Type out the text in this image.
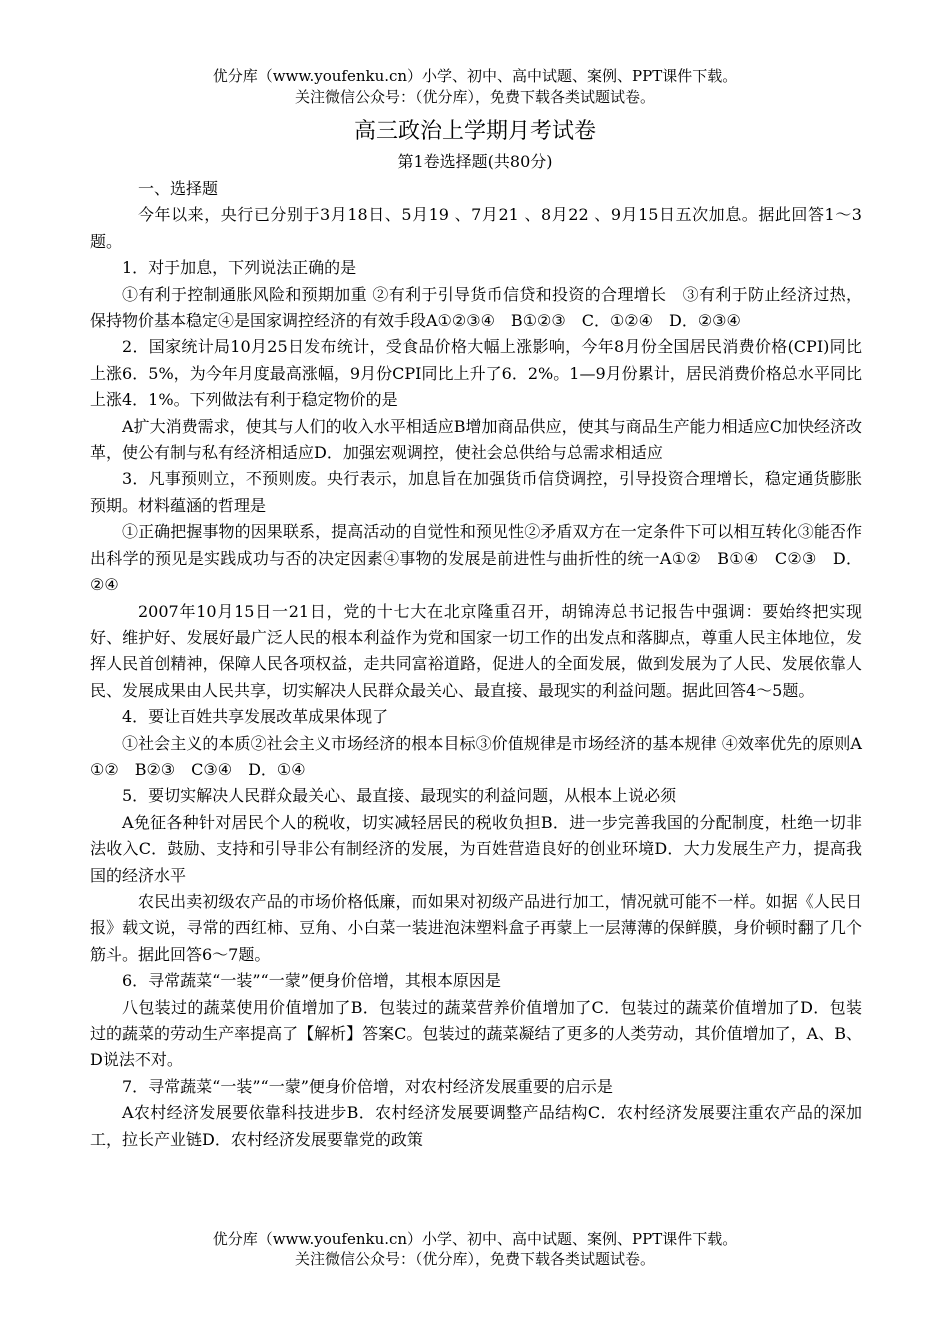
优分库（www.youfenku.cn）小学、初中、高中试题、案例、PPT课件下载。
关注微信公众号：（优分库），免费下载各类试题试卷。
高三政治上学期月考试卷
第1卷选择题(共80分)

一、选择题

今年以来，央行已分别于3月18日、5月19 、7月21 、8月22 、9月15日五次加息。据此回答1～3题。

1．对于加息，下列说法正确的是

①有利于控制通胀风险和预期加重 ②有利于引导货币信贷和投资的合理增长　③有利于防止经济过热，保持物价基本稳定④是国家调控经济的有效手段A①②③④　B①②③　C．①②④　D．②③④

2．国家统计局10月25日发布统计，受食品价格大幅上涨影响，今年8月份全国居民消费价格(CPI)同比上涨6．5%，为今年月度最高涨幅，9月份CPI同比上升了6．2%。1—9月份累计，居民消费价格总水平同比上涨4．1%。下列做法有利于稳定物价的是

A扩大消费需求，使其与人们的收入水平相适应B增加商品供应，使其与商品生产能力相适应C加快经济改革，使公有制与私有经济相适应D．加强宏观调控，使社会总供给与总需求相适应

3．凡事预则立，不预则废。央行表示，加息旨在加强货币信贷调控，引导投资合理增长，稳定通货膨胀预期。材料蕴涵的哲理是

①正确把握事物的因果联系，提高活动的自觉性和预见性②矛盾双方在一定条件下可以相互转化③能否作出科学的预见是实践成功与否的决定因素④事物的发展是前进性与曲折性的统一A①②　B①④　C②③　D．②④

2007年10月15日一21日，党的十七大在北京隆重召开，胡锦涛总书记报告中强调：要始终把实现好、维护好、发展好最广泛人民的根本利益作为党和国家一切工作的出发点和落脚点，尊重人民主体地位，发挥人民首创精神，保障人民各项权益，走共同富裕道路，促进人的全面发展，做到发展为了人民、发展依靠人民、发展成果由人民共享，切实解决人民群众最关心、最直接、最现实的利益问题。据此回答4～5题。

4．要让百姓共享发展改革成果体现了

①社会主义的本质②社会主义市场经济的根本目标③价值规律是市场经济的基本规律 ④效率优先的原则A①②　B②③　C③④　D．①④

5．要切实解决人民群众最关心、最直接、最现实的利益问题，从根本上说必须

A免征各种针对居民个人的税收，切实减轻居民的税收负担B．进一步完善我国的分配制度，杜绝一切非法收入C．鼓励、支持和引导非公有制经济的发展，为百姓营造良好的创业环境D．大力发展生产力，提高我国的经济水平

农民出卖初级农产品的市场价格低廉，而如果对初级产品进行加工，情况就可能不一样。如据《人民日报》载文说，寻常的西红柿、豆角、小白菜一装进泡沫塑料盒子再蒙上一层薄薄的保鲜膜，身价顿时翻了几个筋斗。据此回答6～7题。

6．寻常蔬菜“一装”“一蒙”便身价倍增，其根本原因是

八包装过的蔬菜使用价值增加了B．包装过的蔬菜营养价值增加了C．包装过的蔬菜价值增加了D．包装过的蔬菜的劳动生产率提高了【解析】答案C。包装过的蔬菜凝结了更多的人类劳动，其价值增加了，A、B、D说法不对。

7．寻常蔬菜“一装”“一蒙”便身价倍增，对农村经济发展重要的启示是

A农村经济发展要依靠科技进步B．农村经济发展要调整产品结构C．农村经济发展要注重农产品的深加工，拉长产业链D．农村经济发展要靠党的政策

优分库（www.youfenku.cn）小学、初中、高中试题、案例、PPT课件下载。
关注微信公众号：（优分库），免费下载各类试题试卷。
